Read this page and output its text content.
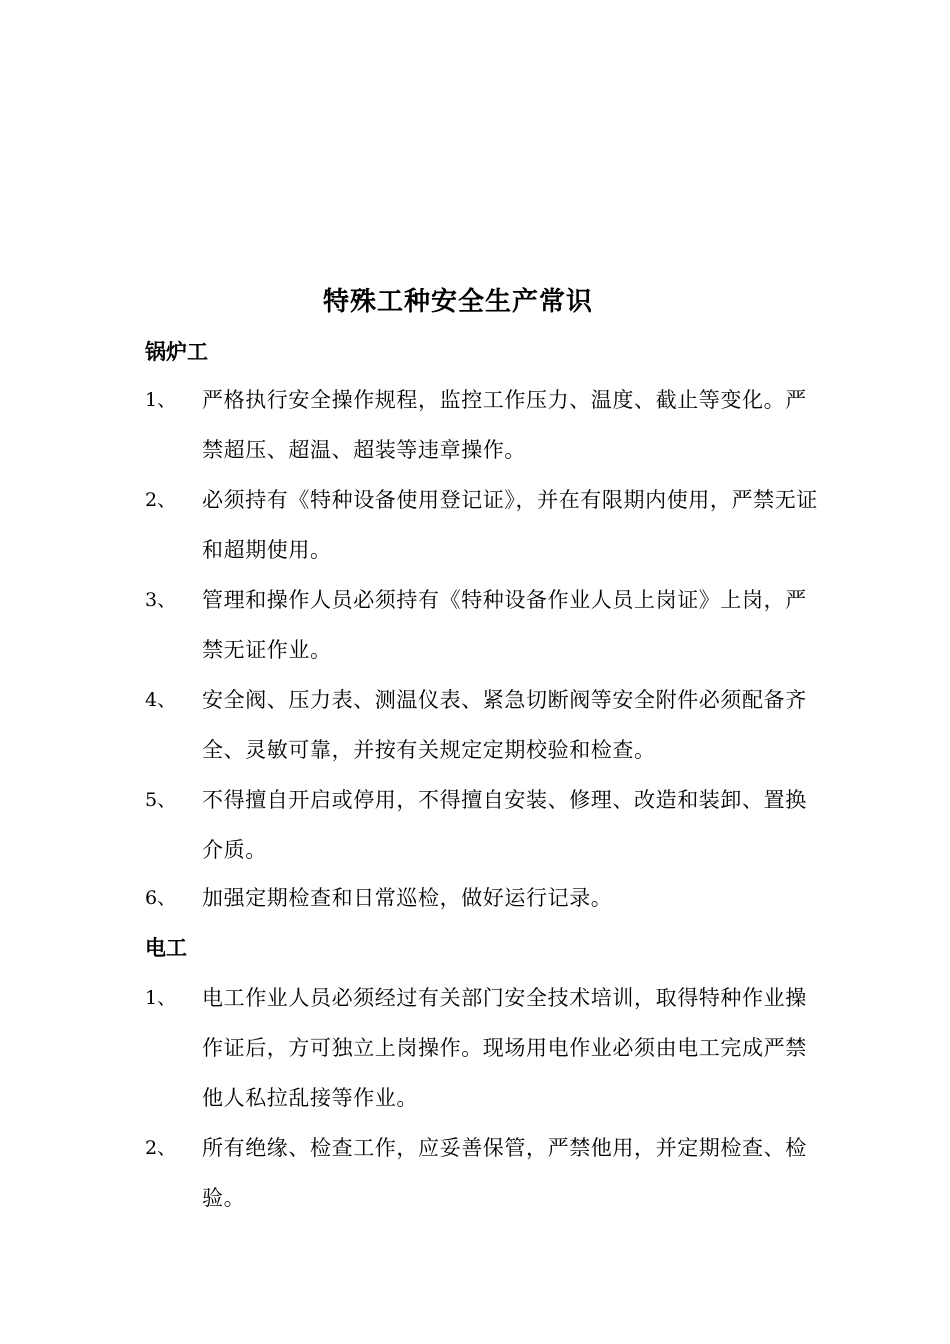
特殊工种安全生产常识
锅炉工
1、 严格执行安全操作规程，监控工作压力、温度、截止等变化。严禁超压、超温、超装等违章操作。
2、 必须持有《特种设备使用登记证》，并在有限期内使用，严禁无证和超期使用。
3、 管理和操作人员必须持有《特种设备作业人员上岗证》上岗，严禁无证作业。
4、 安全阀、压力表、测温仪表、紧急切断阀等安全附件必须配备齐全、灵敏可靠，并按有关规定定期校验和检查。
5、 不得擅自开启或停用，不得擅自安装、修理、改造和装卸、置换介质。
6、 加强定期检查和日常巡检，做好运行记录。
电工
1、 电工作业人员必须经过有关部门安全技术培训，取得特种作业操作证后，方可独立上岗操作。现场用电作业必须由电工完成严禁他人私拉乱接等作业。
2、 所有绝缘、检查工作，应妥善保管，严禁他用，并定期检查、检验。
